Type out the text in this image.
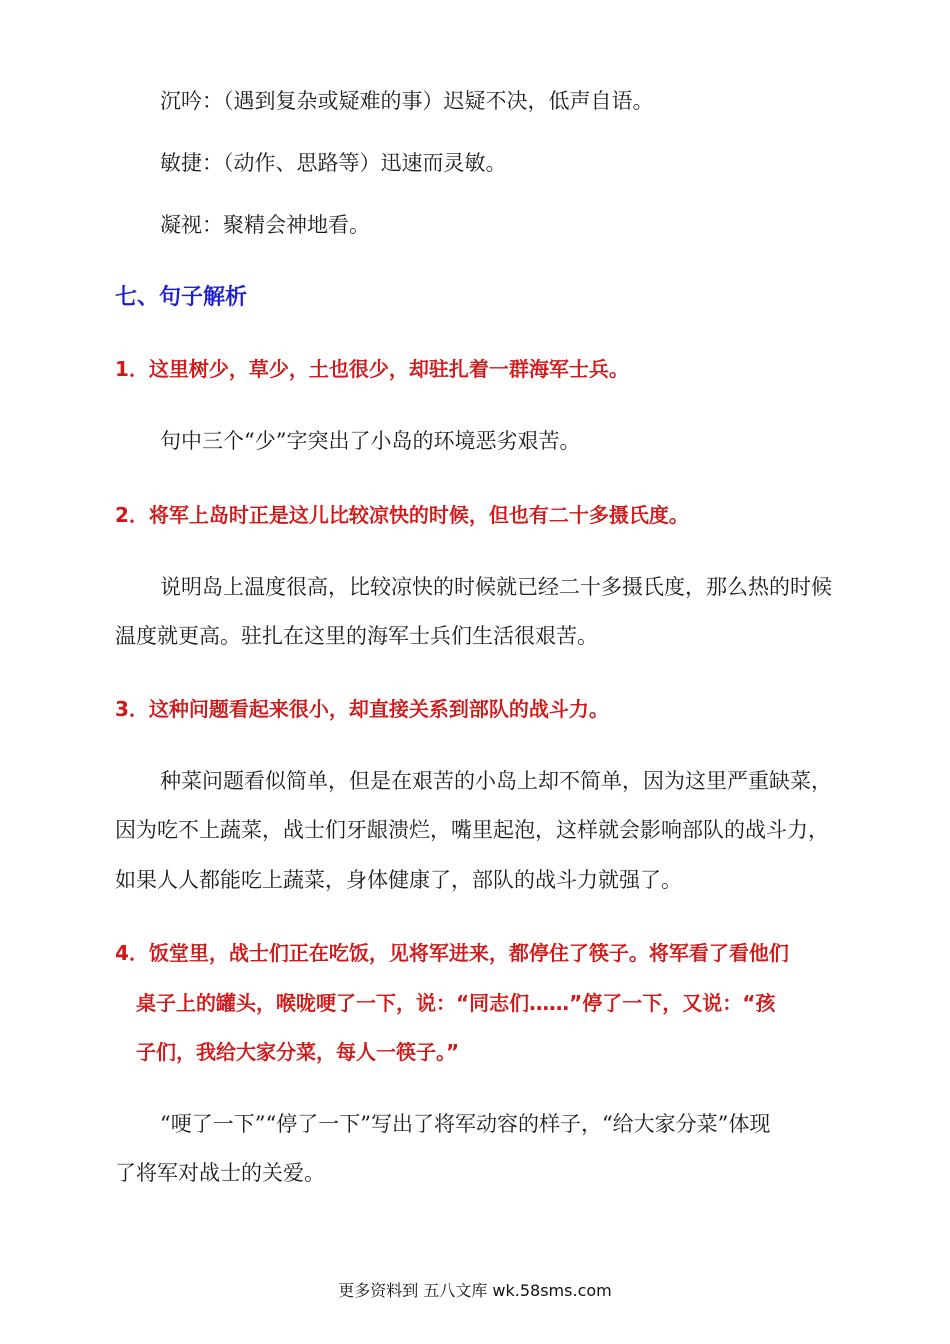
沉吟：（遇到复杂或疑难的事）迟疑不决，低声自语。
敏捷：（动作、思路等）迅速而灵敏。
凝视：聚精会神地看。
七、句子解析
1．这里树少，草少，土也很少，却驻扎着一群海军士兵。
句中三个“少”字突出了小岛的环境恶劣艰苦。
2．将军上岛时正是这儿比较凉快的时候，但也有二十多摄氏度。
说明岛上温度很高，比较凉快的时候就已经二十多摄氏度，那么热的时候
温度就更高。驻扎在这里的海军士兵们生活很艰苦。
3．这种问题看起来很小，却直接关系到部队的战斗力。
种菜问题看似简单，但是在艰苦的小岛上却不简单，因为这里严重缺菜，
因为吃不上蔬菜，战士们牙龈溃烂，嘴里起泡，这样就会影响部队的战斗力，
如果人人都能吃上蔬菜，身体健康了，部队的战斗力就强了。
4．饭堂里，战士们正在吃饭，见将军进来，都停住了筷子。将军看了看他们
桌子上的罐头，喉咙哽了一下，说：“同志们……”停了一下，又说：“孩
子们，我给大家分菜，每人一筷子。”
“哽了一下”“停了一下”写出了将军动容的样子，“给大家分菜”体现
了将军对战士的关爱。
更多资料到 五八文库 wk.58sms.com
